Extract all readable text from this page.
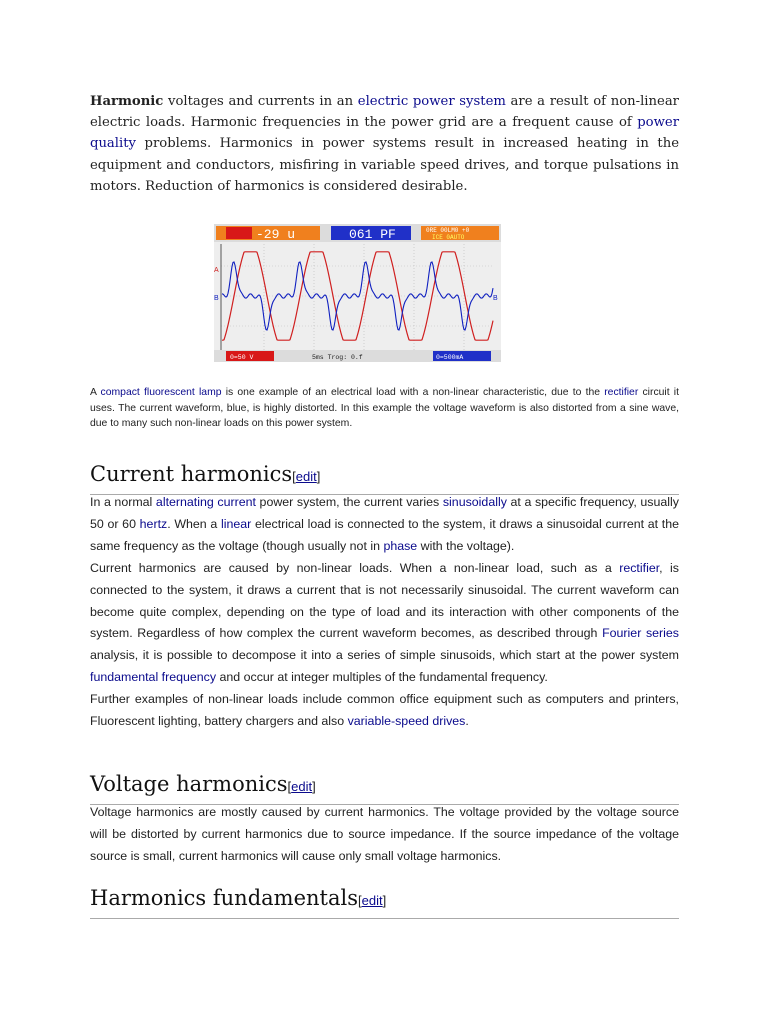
Harmonic voltages and currents in an electric power system are a result of non-linear electric loads. Harmonic frequencies in the power grid are a frequent cause of power quality problems. Harmonics in power systems result in increased heating in the equipment and conductors, misfiring in variable speed drives, and torque pulsations in motors. Reduction of harmonics is considered desirable.

-29 u	061 PF	0RE 00LM0 +0
ICE 0AUTO
A
B	B
0=50 V	5ms Trog: 0.f	0=500mA

A compact fluorescent lamp is one example of an electrical load with a non-linear characteristic, due to the rectifier circuit it uses. The current waveform, blue, is highly distorted. In this example the voltage waveform is also distorted from a sine wave, due to many such non-linear loads on this power system.

Current harmonics[edit]
In a normal alternating current power system, the current varies sinusoidally at a specific frequency, usually 50 or 60 hertz. When a linear electrical load is connected to the system, it draws a sinusoidal current at the same frequency as the voltage (though usually not in phase with the voltage).
Current harmonics are caused by non-linear loads. When a non-linear load, such as a rectifier, is connected to the system, it draws a current that is not necessarily sinusoidal. The current waveform can become quite complex, depending on the type of load and its interaction with other components of the system. Regardless of how complex the current waveform becomes, as described through Fourier series analysis, it is possible to decompose it into a series of simple sinusoids, which start at the power system fundamental frequency and occur at integer multiples of the fundamental frequency.
Further examples of non-linear loads include common office equipment such as computers and printers, Fluorescent lighting, battery chargers and also variable-speed drives.
Voltage harmonics[edit]
Voltage harmonics are mostly caused by current harmonics. The voltage provided by the voltage source will be distorted by current harmonics due to source impedance. If the source impedance of the voltage source is small, current harmonics will cause only small voltage harmonics.
Harmonics fundamentals[edit]
